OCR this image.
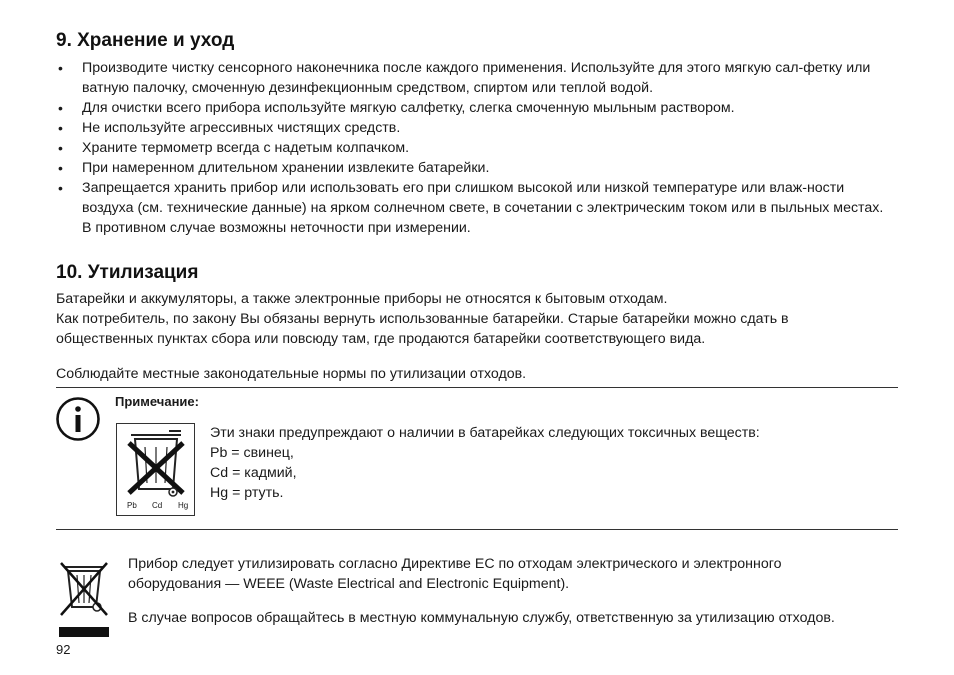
9. Хранение и уход
• Производите чистку сенсорного наконечника после каждого применения. Используйте для этого мягкую сал-фетку или ватную палочку, смоченную дезинфекционным средством, спиртом или теплой водой.
• Для очистки всего прибора используйте мягкую салфетку, слегка смоченную мыльным раствором.
• Не используйте агрессивных чистящих средств.
• Храните термометр всегда с надетым колпачком.
• При намеренном длительном хранении извлеките батарейки.
• Запрещается хранить прибор или использовать его при слишком высокой или низкой температуре или влаж-ности воздуха (см. технические данные) на ярком солнечном свете, в сочетании с электрическим током или в пыльных местах. В противном случае возможны неточности при измерении.
10. Утилизация

Батарейки и аккумуляторы, а также электронные приборы не относятся к бытовым отходам.
Как потребитель, по закону Вы обязаны вернуть использованные батарейки. Старые батарейки можно сдать в общественных пунктах сбора или повсюду там, где продаются батарейки соответствующего вида.

Соблюдайте местные законодательные нормы по утилизации отходов.

Примечание:

Pb Cd Hg
Эти знаки предупреждают о наличии в батарейках следующих токсичных веществ:
Pb = свинец,
Cd = кадмий,
Hg = ртуть.
Прибор следует утилизировать согласно Директиве ЕС по отходам электрического и электронного оборудования — WEEE (Waste Electrical and Electronic Equipment).
В случае вопросов обращайтесь в местную коммунальную службу, ответственную за утилизацию отходов.
92
